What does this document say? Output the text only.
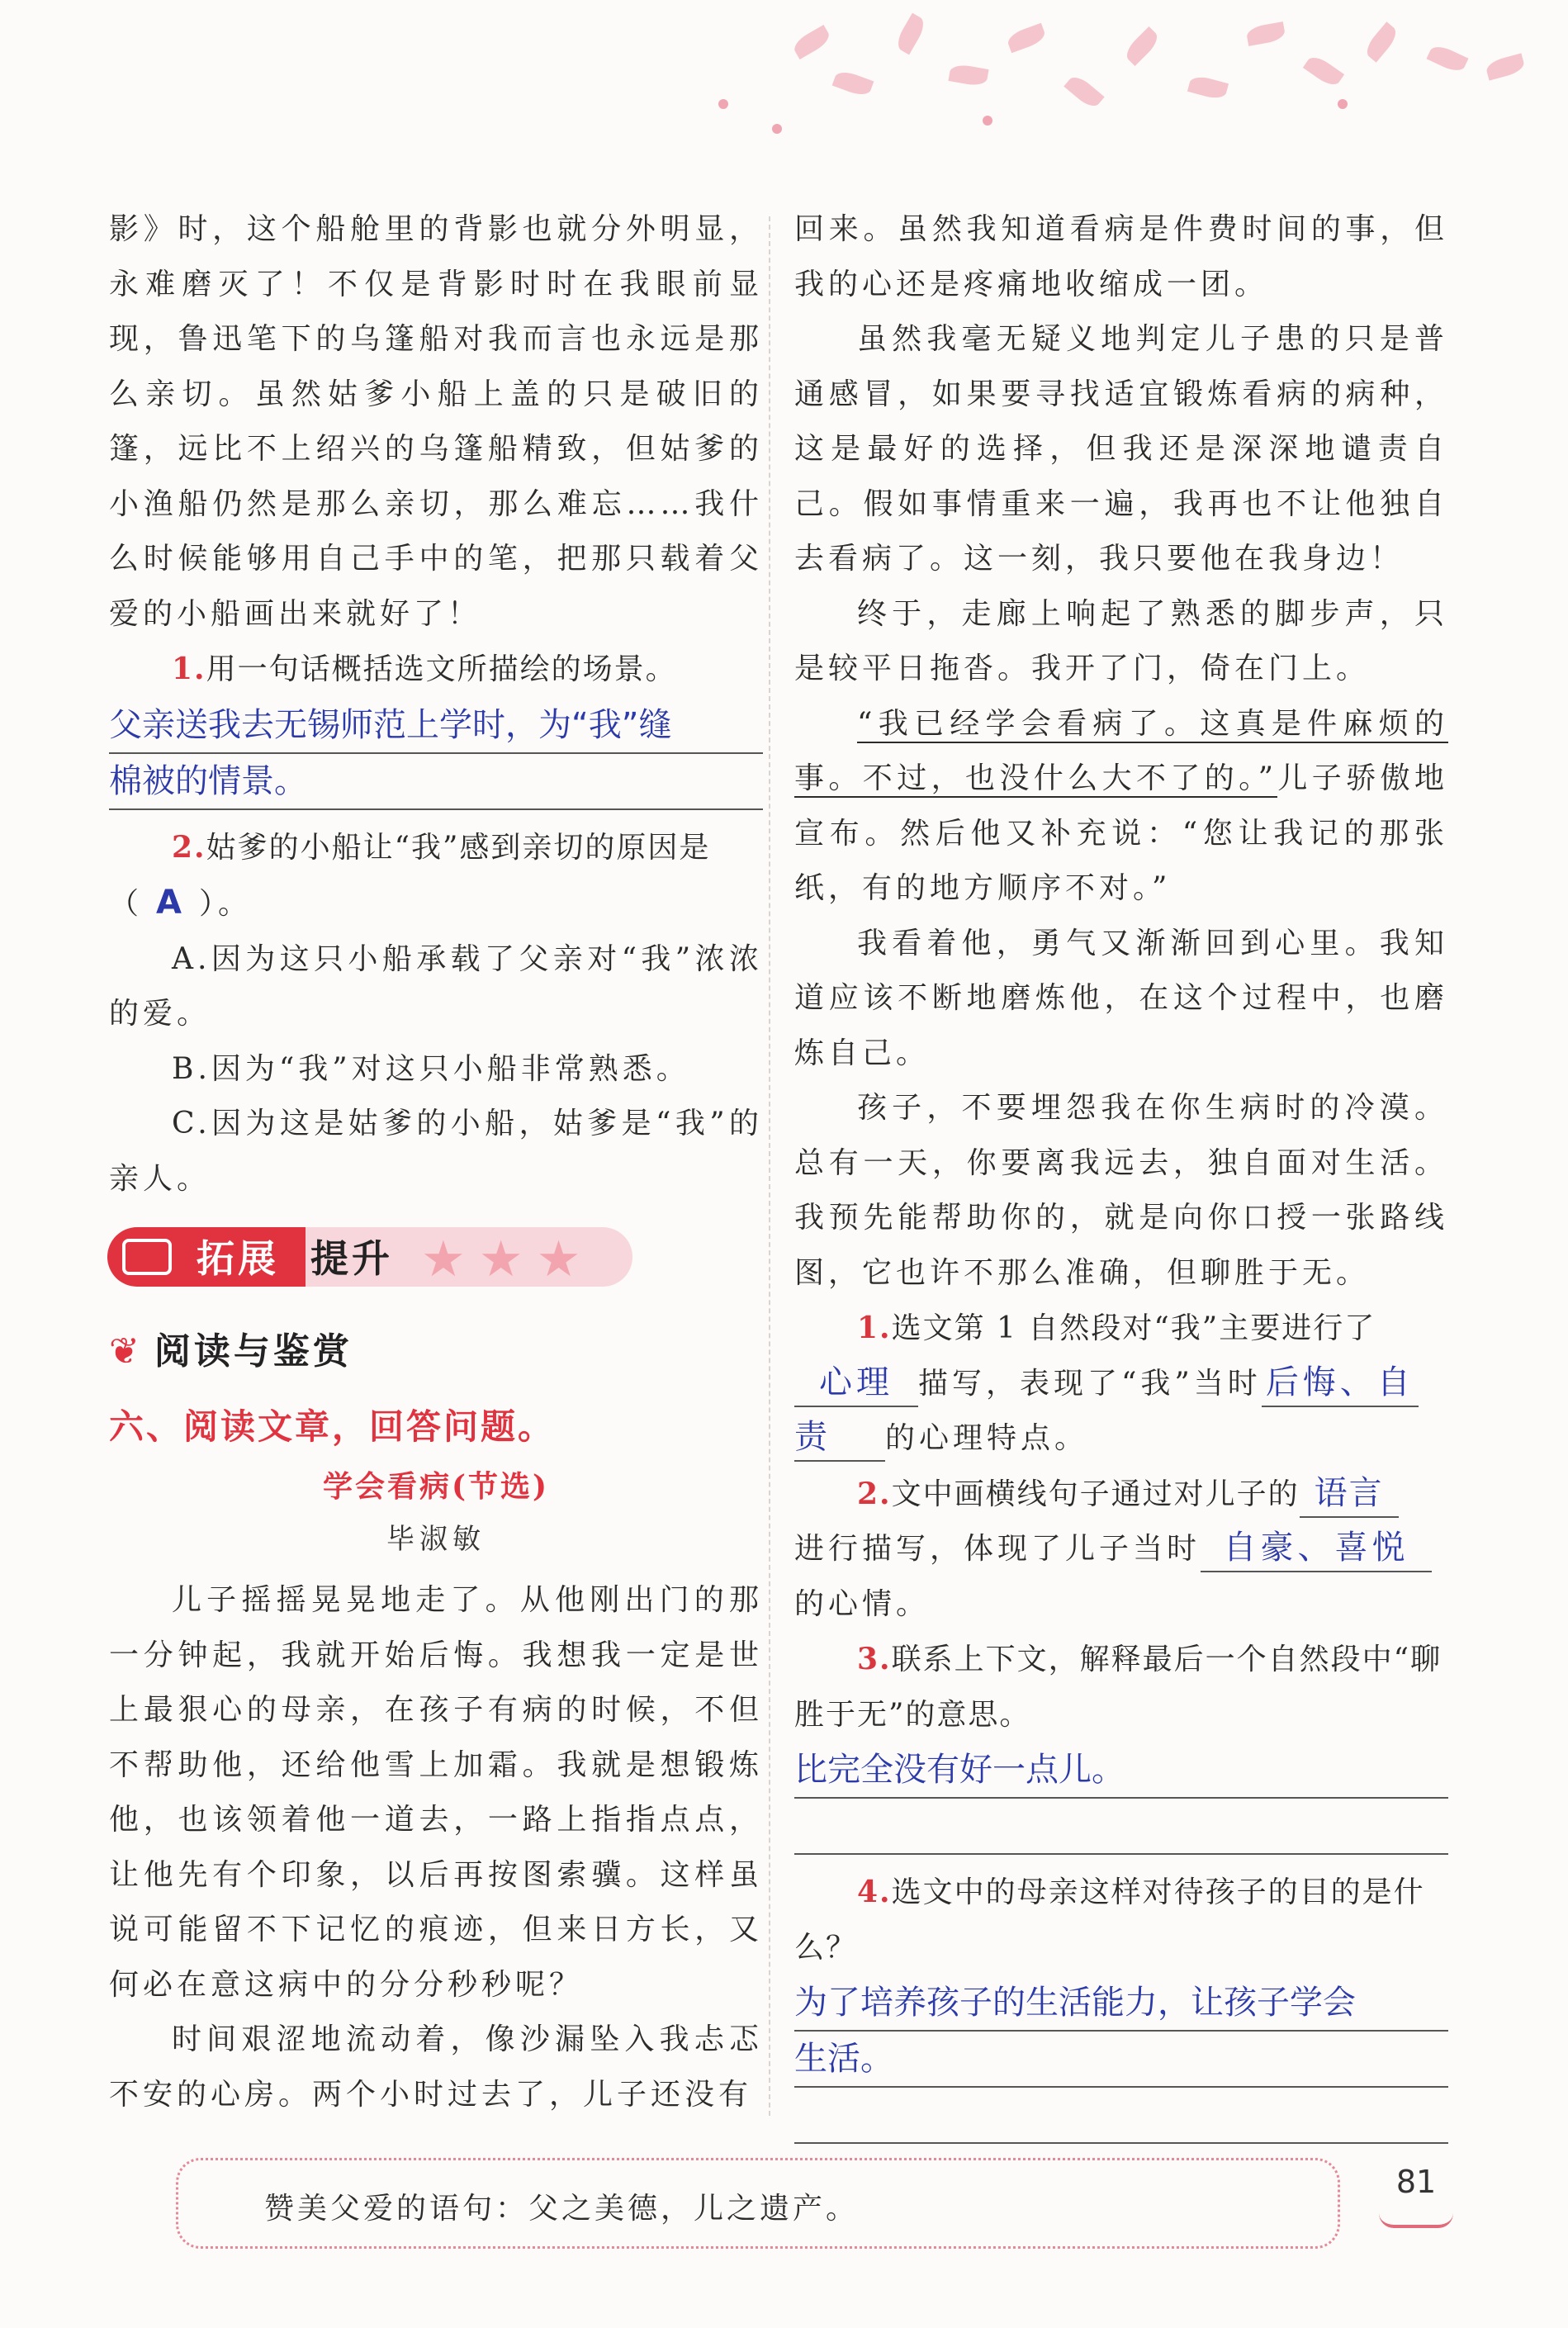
影》时，这个船舱里的背影也就分外明显，永难磨灭了！不仅是背影时时在我眼前显现，鲁迅笔下的乌篷船对我而言也永远是那么亲切。虽然姑爹小船上盖的只是破旧的篷，远比不上绍兴的乌篷船精致，但姑爹的小渔船仍然是那么亲切，那么难忘……我什么时候能够用自己手中的笔，把那只载着父爱的小船画出来就好了！

1.用一句话概括选文所描绘的场景。

父亲送我去无锡师范上学时，为“我”缝
棉被的情景。

2.姑爹的小船让“我”感到亲切的原因是

（ A ）。

A.因为这只小船承载了父亲对“我”浓浓的爱。

B.因为“我”对这只小船非常熟悉。

C.因为这是姑爹的小船，姑爹是“我”的亲人。

拓展 提升 ★★★
❦ 阅读与鉴赏
六、阅读文章，回答问题。
学会看病(节选)
毕淑敏

儿子摇摇晃晃地走了。从他刚出门的那一分钟起，我就开始后悔。我想我一定是世上最狠心的母亲，在孩子有病的时候，不但不帮助他，还给他雪上加霜。我就是想锻炼他，也该领着他一道去，一路上指指点点，让他先有个印象，以后再按图索骥。这样虽说可能留不下记忆的痕迹，但来日方长，又何必在意这病中的分分秒秒呢？

时间艰涩地流动着，像沙漏坠入我忐忑不安的心房。两个小时过去了，儿子还没有

回来。虽然我知道看病是件费时间的事，但我的心还是疼痛地收缩成一团。

虽然我毫无疑义地判定儿子患的只是普通感冒，如果要寻找适宜锻炼看病的病种，这是最好的选择，但我还是深深地谴责自己。假如事情重来一遍，我再也不让他独自去看病了。这一刻，我只要他在我身边！

终于，走廊上响起了熟悉的脚步声，只是较平日拖沓。我开了门，倚在门上。

“我已经学会看病了。这真是件麻烦的事。不过，也没什么大不了的。”儿子骄傲地宣布。然后他又补充说：“您让我记的那张纸，有的地方顺序不对。”

我看着他，勇气又渐渐回到心里。我知道应该不断地磨炼他，在这个过程中，也磨炼自己。

孩子，不要埋怨我在你生病时的冷漠。总有一天，你要离我远去，独自面对生活。我预先能帮助你的，就是向你口授一张路线图，它也许不那么准确，但聊胜于无。

1.选文第 1 自然段对“我”主要进行了

心理 描写，表现了“我”当时 后悔、自

责 的心理特点。

2.文中画横线句子通过对儿子的 语言

进行描写，体现了儿子当时 自豪、喜悦

的心情。

3.联系上下文，解释最后一个自然段中“聊胜于无”的意思。

比完全没有好一点儿。

4.选文中的母亲这样对待孩子的目的是什么？

为了培养孩子的生活能力，让孩子学会
生活。

赞美父爱的语句：父之美德，儿之遗产。
81
